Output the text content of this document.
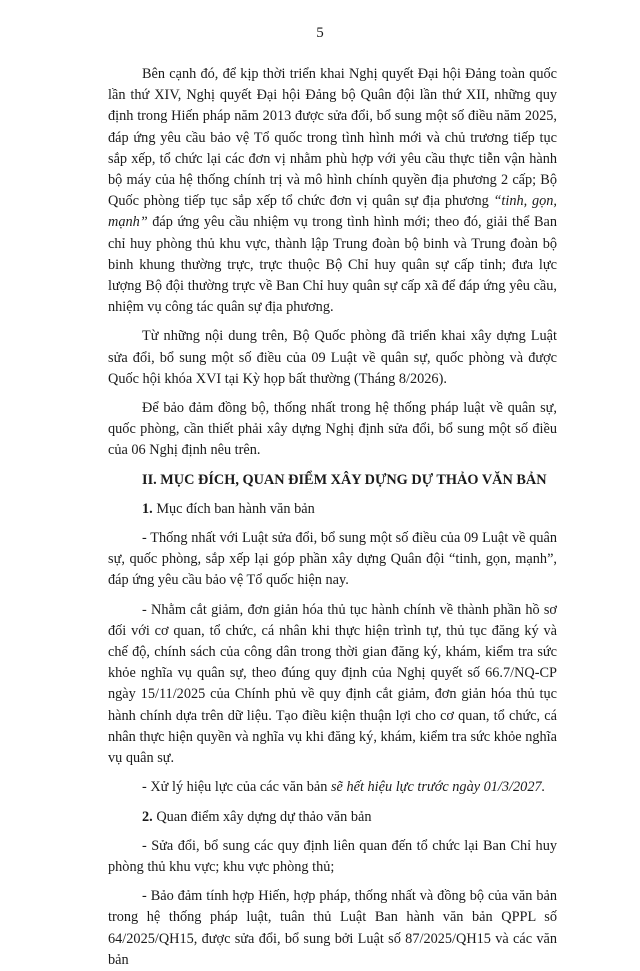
5

Bên cạnh đó, để kịp thời triển khai Nghị quyết Đại hội Đảng toàn quốc lần thứ XIV, Nghị quyết Đại hội Đảng bộ Quân đội lần thứ XII, những quy định trong Hiến pháp năm 2013 được sửa đổi, bổ sung một số điều năm 2025, đáp ứng yêu cầu bảo vệ Tổ quốc trong tình hình mới và chủ trương tiếp tục sắp xếp, tổ chức lại các đơn vị nhằm phù hợp với yêu cầu thực tiễn vận hành bộ máy của hệ thống chính trị và mô hình chính quyền địa phương 2 cấp; Bộ Quốc phòng tiếp tục sắp xếp tổ chức đơn vị quân sự địa phương “tinh, gọn, mạnh” đáp ứng yêu cầu nhiệm vụ trong tình hình mới; theo đó, giải thể Ban chỉ huy phòng thủ khu vực, thành lập Trung đoàn bộ binh và Trung đoàn bộ binh khung thường trực, trực thuộc Bộ Chỉ huy quân sự cấp tỉnh; đưa lực lượng Bộ đội thường trực về Ban Chỉ huy quân sự cấp xã để đáp ứng yêu cầu, nhiệm vụ công tác quân sự địa phương.

Từ những nội dung trên, Bộ Quốc phòng đã triển khai xây dựng Luật sửa đổi, bổ sung một số điều của 09 Luật về quân sự, quốc phòng và được Quốc hội khóa XVI tại Kỳ họp bất thường (Tháng 8/2026).

Để bảo đảm đồng bộ, thống nhất trong hệ thống pháp luật về quân sự, quốc phòng, cần thiết phải xây dựng Nghị định sửa đổi, bổ sung một số điều của 06 Nghị định nêu trên.

II. MỤC ĐÍCH, QUAN ĐIỂM XÂY DỰNG DỰ THẢO VĂN BẢN

1. Mục đích ban hành văn bản

- Thống nhất với Luật sửa đổi, bổ sung một số điều của 09 Luật về quân sự, quốc phòng, sắp xếp lại góp phần xây dựng Quân đội “tinh, gọn, mạnh”, đáp ứng yêu cầu bảo vệ Tổ quốc hiện nay.

- Nhằm cắt giảm, đơn giản hóa thủ tục hành chính về thành phần hồ sơ đối với cơ quan, tổ chức, cá nhân khi thực hiện trình tự, thủ tục đăng ký và chế độ, chính sách của công dân trong thời gian đăng ký, khám, kiểm tra sức khỏe nghĩa vụ quân sự, theo đúng quy định của Nghị quyết số 66.7/NQ-CP ngày 15/11/2025 của Chính phủ về quy định cắt giảm, đơn giản hóa thủ tục hành chính dựa trên dữ liệu. Tạo điều kiện thuận lợi cho cơ quan, tổ chức, cá nhân thực hiện quyền và nghĩa vụ khi đăng ký, khám, kiểm tra sức khỏe nghĩa vụ quân sự.

- Xử lý hiệu lực của các văn bản sẽ hết hiệu lực trước ngày 01/3/2027.

2. Quan điểm xây dựng dự thảo văn bản

- Sửa đổi, bổ sung các quy định liên quan đến tổ chức lại Ban Chỉ huy phòng thủ khu vực; khu vực phòng thủ;

- Bảo đảm tính hợp Hiến, hợp pháp, thống nhất và đồng bộ của văn bản trong hệ thống pháp luật, tuân thủ Luật Ban hành văn bản QPPL số 64/2025/QH15, được sửa đổi, bổ sung bởi Luật số 87/2025/QH15 và các văn bản
